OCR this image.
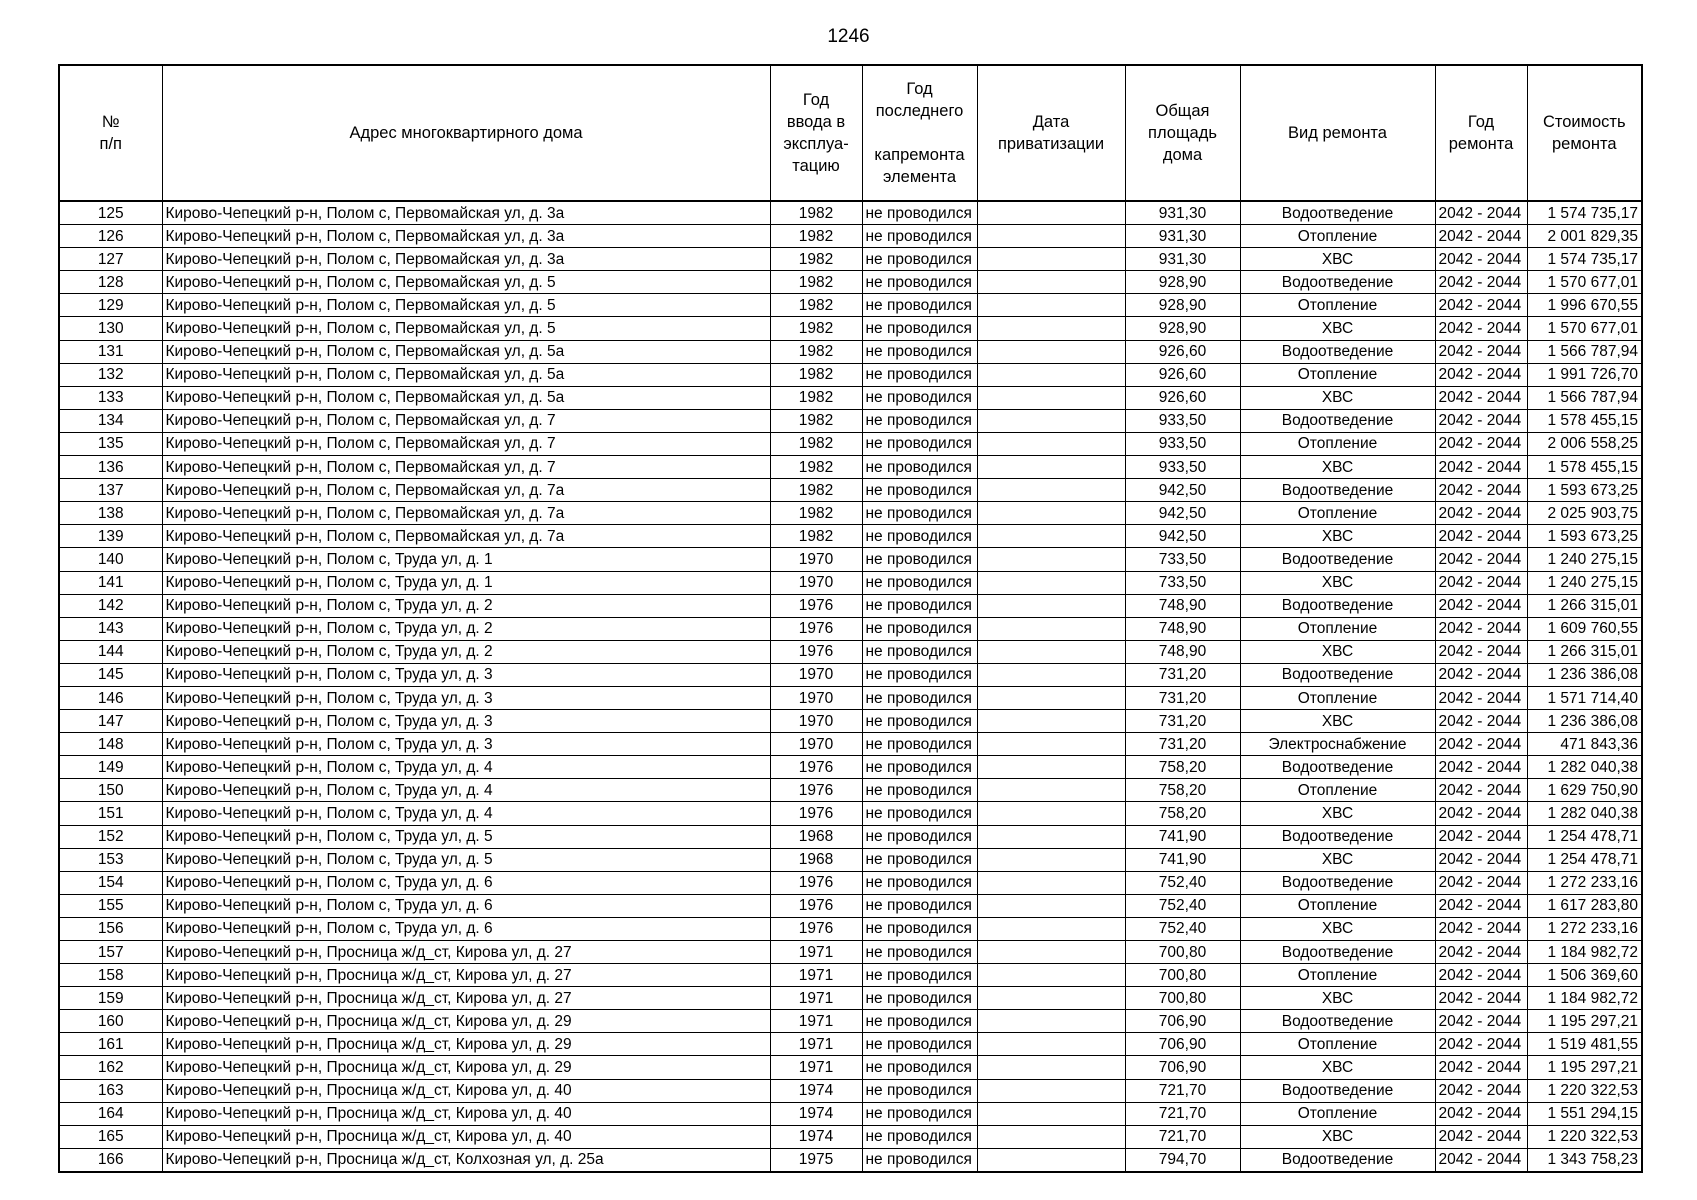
1246
№
п/п	Адрес многоквартирного дома	Год
ввода в
эксплуа-
тацию	Год
последнего

капремонта
элемента	Дата
приватизации	Общая
площадь
дома	Вид ремонта	Год
ремонта	Стоимость
ремонта
125	Кирово-Чепецкий р-н, Полом с, Первомайская ул, д. 3а	1982	не проводился		931,30	Водоотведение	2042 - 2044	1 574 735,17
126	Кирово-Чепецкий р-н, Полом с, Первомайская ул, д. 3а	1982	не проводился		931,30	Отопление	2042 - 2044	2 001 829,35
127	Кирово-Чепецкий р-н, Полом с, Первомайская ул, д. 3а	1982	не проводился		931,30	ХВС	2042 - 2044	1 574 735,17
128	Кирово-Чепецкий р-н, Полом с, Первомайская ул, д. 5	1982	не проводился		928,90	Водоотведение	2042 - 2044	1 570 677,01
129	Кирово-Чепецкий р-н, Полом с, Первомайская ул, д. 5	1982	не проводился		928,90	Отопление	2042 - 2044	1 996 670,55
130	Кирово-Чепецкий р-н, Полом с, Первомайская ул, д. 5	1982	не проводился		928,90	ХВС	2042 - 2044	1 570 677,01
131	Кирово-Чепецкий р-н, Полом с, Первомайская ул, д. 5а	1982	не проводился		926,60	Водоотведение	2042 - 2044	1 566 787,94
132	Кирово-Чепецкий р-н, Полом с, Первомайская ул, д. 5а	1982	не проводился		926,60	Отопление	2042 - 2044	1 991 726,70
133	Кирово-Чепецкий р-н, Полом с, Первомайская ул, д. 5а	1982	не проводился		926,60	ХВС	2042 - 2044	1 566 787,94
134	Кирово-Чепецкий р-н, Полом с, Первомайская ул, д. 7	1982	не проводился		933,50	Водоотведение	2042 - 2044	1 578 455,15
135	Кирово-Чепецкий р-н, Полом с, Первомайская ул, д. 7	1982	не проводился		933,50	Отопление	2042 - 2044	2 006 558,25
136	Кирово-Чепецкий р-н, Полом с, Первомайская ул, д. 7	1982	не проводился		933,50	ХВС	2042 - 2044	1 578 455,15
137	Кирово-Чепецкий р-н, Полом с, Первомайская ул, д. 7а	1982	не проводился		942,50	Водоотведение	2042 - 2044	1 593 673,25
138	Кирово-Чепецкий р-н, Полом с, Первомайская ул, д. 7а	1982	не проводился		942,50	Отопление	2042 - 2044	2 025 903,75
139	Кирово-Чепецкий р-н, Полом с, Первомайская ул, д. 7а	1982	не проводился		942,50	ХВС	2042 - 2044	1 593 673,25
140	Кирово-Чепецкий р-н, Полом с, Труда ул, д. 1	1970	не проводился		733,50	Водоотведение	2042 - 2044	1 240 275,15
141	Кирово-Чепецкий р-н, Полом с, Труда ул, д. 1	1970	не проводился		733,50	ХВС	2042 - 2044	1 240 275,15
142	Кирово-Чепецкий р-н, Полом с, Труда ул, д. 2	1976	не проводился		748,90	Водоотведение	2042 - 2044	1 266 315,01
143	Кирово-Чепецкий р-н, Полом с, Труда ул, д. 2	1976	не проводился		748,90	Отопление	2042 - 2044	1 609 760,55
144	Кирово-Чепецкий р-н, Полом с, Труда ул, д. 2	1976	не проводился		748,90	ХВС	2042 - 2044	1 266 315,01
145	Кирово-Чепецкий р-н, Полом с, Труда ул, д. 3	1970	не проводился		731,20	Водоотведение	2042 - 2044	1 236 386,08
146	Кирово-Чепецкий р-н, Полом с, Труда ул, д. 3	1970	не проводился		731,20	Отопление	2042 - 2044	1 571 714,40
147	Кирово-Чепецкий р-н, Полом с, Труда ул, д. 3	1970	не проводился		731,20	ХВС	2042 - 2044	1 236 386,08
148	Кирово-Чепецкий р-н, Полом с, Труда ул, д. 3	1970	не проводился		731,20	Электроснабжение	2042 - 2044	471 843,36
149	Кирово-Чепецкий р-н, Полом с, Труда ул, д. 4	1976	не проводился		758,20	Водоотведение	2042 - 2044	1 282 040,38
150	Кирово-Чепецкий р-н, Полом с, Труда ул, д. 4	1976	не проводился		758,20	Отопление	2042 - 2044	1 629 750,90
151	Кирово-Чепецкий р-н, Полом с, Труда ул, д. 4	1976	не проводился		758,20	ХВС	2042 - 2044	1 282 040,38
152	Кирово-Чепецкий р-н, Полом с, Труда ул, д. 5	1968	не проводился		741,90	Водоотведение	2042 - 2044	1 254 478,71
153	Кирово-Чепецкий р-н, Полом с, Труда ул, д. 5	1968	не проводился		741,90	ХВС	2042 - 2044	1 254 478,71
154	Кирово-Чепецкий р-н, Полом с, Труда ул, д. 6	1976	не проводился		752,40	Водоотведение	2042 - 2044	1 272 233,16
155	Кирово-Чепецкий р-н, Полом с, Труда ул, д. 6	1976	не проводился		752,40	Отопление	2042 - 2044	1 617 283,80
156	Кирово-Чепецкий р-н, Полом с, Труда ул, д. 6	1976	не проводился		752,40	ХВС	2042 - 2044	1 272 233,16
157	Кирово-Чепецкий р-н, Просница ж/д_ст, Кирова ул, д. 27	1971	не проводился		700,80	Водоотведение	2042 - 2044	1 184 982,72
158	Кирово-Чепецкий р-н, Просница ж/д_ст, Кирова ул, д. 27	1971	не проводился		700,80	Отопление	2042 - 2044	1 506 369,60
159	Кирово-Чепецкий р-н, Просница ж/д_ст, Кирова ул, д. 27	1971	не проводился		700,80	ХВС	2042 - 2044	1 184 982,72
160	Кирово-Чепецкий р-н, Просница ж/д_ст, Кирова ул, д. 29	1971	не проводился		706,90	Водоотведение	2042 - 2044	1 195 297,21
161	Кирово-Чепецкий р-н, Просница ж/д_ст, Кирова ул, д. 29	1971	не проводился		706,90	Отопление	2042 - 2044	1 519 481,55
162	Кирово-Чепецкий р-н, Просница ж/д_ст, Кирова ул, д. 29	1971	не проводился		706,90	ХВС	2042 - 2044	1 195 297,21
163	Кирово-Чепецкий р-н, Просница ж/д_ст, Кирова ул, д. 40	1974	не проводился		721,70	Водоотведение	2042 - 2044	1 220 322,53
164	Кирово-Чепецкий р-н, Просница ж/д_ст, Кирова ул, д. 40	1974	не проводился		721,70	Отопление	2042 - 2044	1 551 294,15
165	Кирово-Чепецкий р-н, Просница ж/д_ст, Кирова ул, д. 40	1974	не проводился		721,70	ХВС	2042 - 2044	1 220 322,53
166	Кирово-Чепецкий р-н, Просница ж/д_ст, Колхозная ул, д. 25а	1975	не проводился		794,70	Водоотведение	2042 - 2044	1 343 758,23
